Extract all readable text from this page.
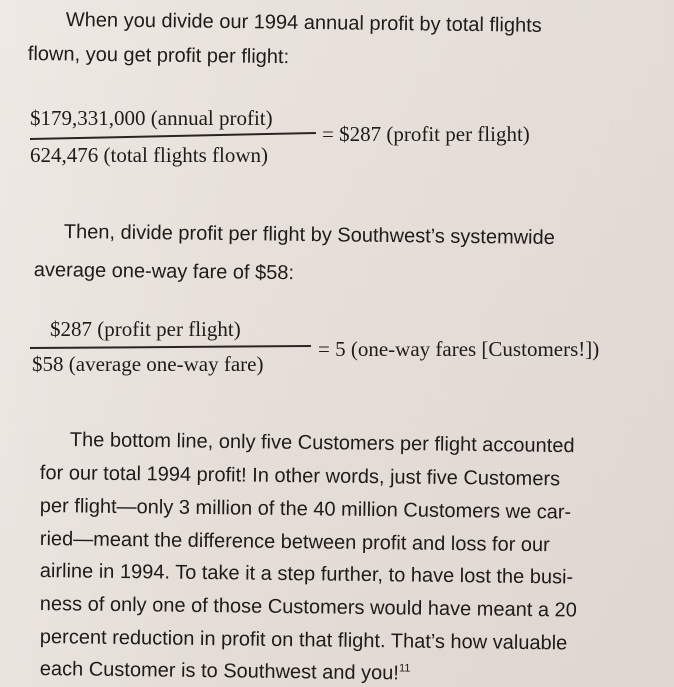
When you divide our 1994 annual profit by total flights
flown, you get profit per flight:
$179,331,000 (annual profit)
624,476 (total flights flown)
= $287 (profit per flight)
Then, divide profit per flight by Southwest’s systemwide
average one-way fare of $58:
$287 (profit per flight)
$58 (average one-way fare)
= 5 (one-way fares [Customers!])
The bottom line, only five Customers per flight accounted
for our total 1994 profit! In other words, just five Customers
per flight—only 3 million of the 40 million Customers we car-
ried—meant the difference between profit and loss for our
airline in 1994. To take it a step further, to have lost the busi-
ness of only one of those Customers would have meant a 20
percent reduction in profit on that flight. That’s how valuable
each Customer is to Southwest and you!$^{11}$
